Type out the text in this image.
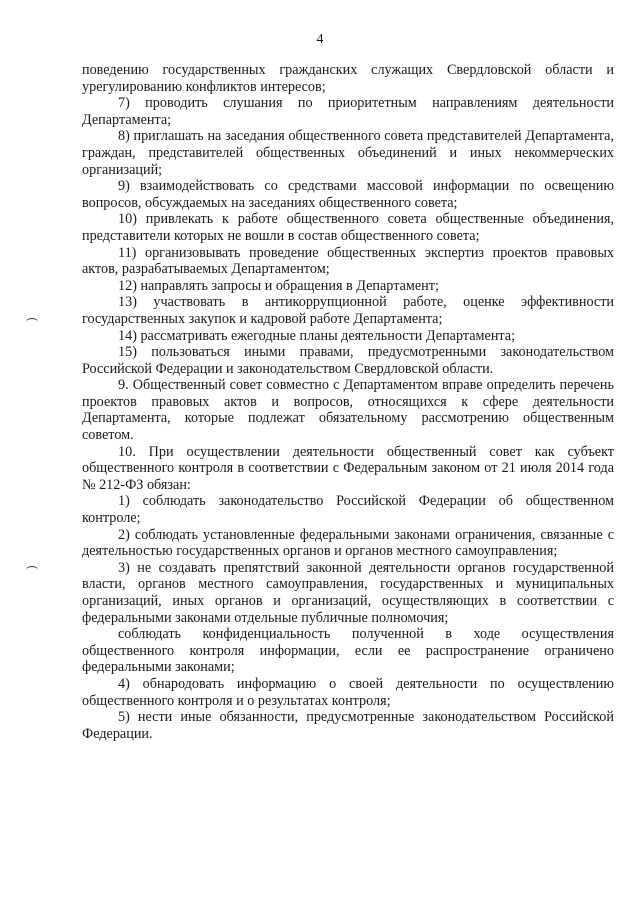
4

поведению государственных гражданских служащих Свердловской области и урегулированию конфликтов интересов;

7) проводить слушания по приоритетным направлениям деятельности Департамента;

8) приглашать на заседания общественного совета представителей Департамента, граждан, представителей общественных объединений и иных некоммерческих организаций;

9) взаимодействовать со средствами массовой информации по освещению вопросов, обсуждаемых на заседаниях общественного совета;

10) привлекать к работе общественного совета общественные объединения, представители которых не вошли в состав общественного совета;

11) организовывать проведение общественных экспертиз проектов правовых актов, разрабатываемых Департаментом;

12) направлять запросы и обращения в Департамент;

13) участвовать в антикоррупционной работе, оценке эффективности государственных закупок и кадровой работе Департамента;

14) рассматривать ежегодные планы деятельности Департамента;

15) пользоваться иными правами, предусмотренными законодательством Российской Федерации и законодательством Свердловской области.

9. Общественный совет совместно с Департаментом вправе определить перечень проектов правовых актов и вопросов, относящихся к сфере деятельности Департамента, которые подлежат обязательному рассмотрению общественным советом.

10. При осуществлении деятельности общественный совет как субъект общественного контроля в соответствии с Федеральным законом от 21 июля 2014 года № 212-ФЗ обязан:

1) соблюдать законодательство Российской Федерации об общественном контроле;

2) соблюдать установленные федеральными законами ограничения, связанные с деятельностью государственных органов и органов местного самоуправления;

3) не создавать препятствий законной деятельности органов государственной власти, органов местного самоуправления, государственных и муниципальных организаций, иных органов и организаций, осуществляющих в соответствии с федеральными законами отдельные публичные полномочия;

соблюдать конфиденциальность полученной в ходе осуществления общественного контроля информации, если ее распространение ограничено федеральными законами;

4) обнародовать информацию о своей деятельности по осуществлению общественного контроля и о результатах контроля;

5) нести иные обязанности, предусмотренные законодательством Российской Федерации.
